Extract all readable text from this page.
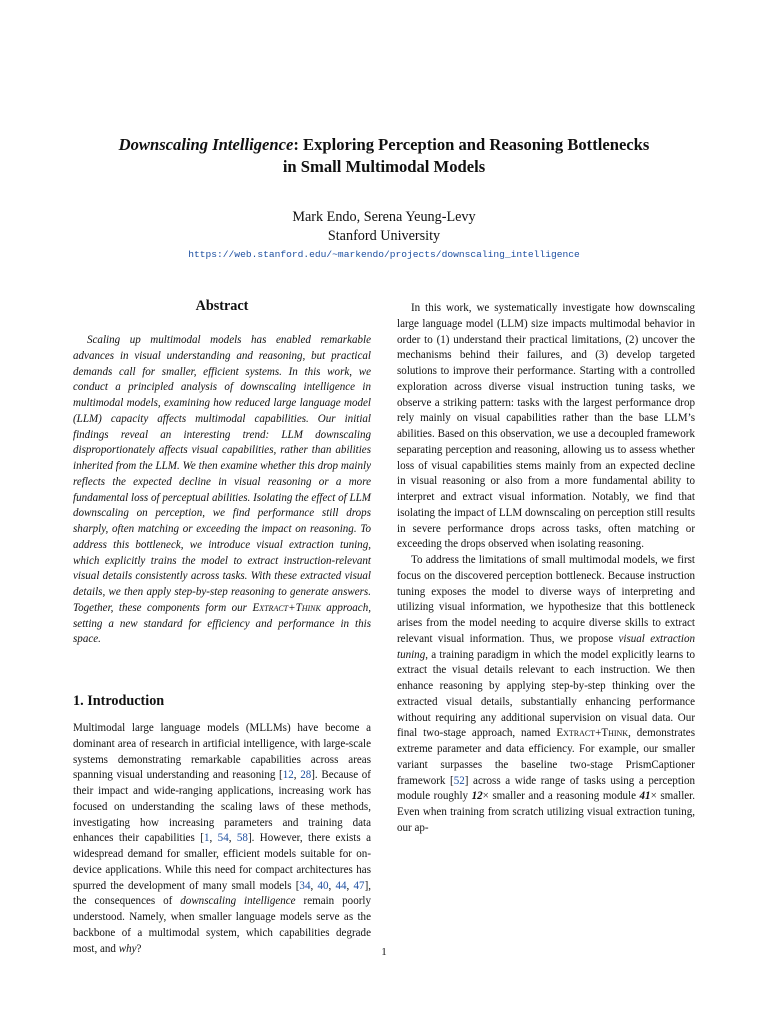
Downscaling Intelligence: Exploring Perception and Reasoning Bottlenecks
in Small Multimodal Models
Mark Endo, Serena Yeung-Levy
Stanford University
https://web.stanford.edu/~markendo/projects/downscaling_intelligence
Abstract

Scaling up multimodal models has enabled remarkable advances in visual understanding and reasoning, but practical demands call for smaller, efficient systems. In this work, we conduct a principled analysis of downscaling intelligence in multimodal models, examining how reduced large language model (LLM) capacity affects multimodal capabilities. Our initial findings reveal an interesting trend: LLM downscaling disproportionately affects visual capabilities, rather than abilities inherited from the LLM. We then examine whether this drop mainly reflects the expected decline in visual reasoning or a more fundamental loss of perceptual abilities. Isolating the effect of LLM downscaling on perception, we find performance still drops sharply, often matching or exceeding the impact on reasoning. To address this bottleneck, we introduce visual extraction tuning, which explicitly trains the model to extract instruction-relevant visual details consistently across tasks. With these extracted visual details, we then apply step-by-step reasoning to generate answers. Together, these components form our Extract+Think approach, setting a new standard for efficiency and performance in this space.

1. Introduction

Multimodal large language models (MLLMs) have become a dominant area of research in artificial intelligence, with large-scale systems demonstrating remarkable capabilities across areas spanning visual understanding and reasoning [12, 28]. Because of their impact and wide-ranging applications, increasing work has focused on understanding the scaling laws of these methods, investigating how increasing parameters and training data enhances their capabilities [1, 54, 58]. However, there exists a widespread demand for smaller, efficient models suitable for on-device applications. While this need for compact architectures has spurred the development of many small models [34, 40, 44, 47], the consequences of downscaling intelligence remain poorly understood. Namely, when smaller language models serve as the backbone of a multimodal system, which capabilities degrade most, and why?

In this work, we systematically investigate how downscaling large language model (LLM) size impacts multimodal behavior in order to (1) understand their practical limitations, (2) uncover the mechanisms behind their failures, and (3) develop targeted solutions to improve their performance. Starting with a controlled exploration across diverse visual instruction tuning tasks, we observe a striking pattern: tasks with the largest performance drop rely mainly on visual capabilities rather than the base LLM’s abilities. Based on this observation, we use a decoupled framework separating perception and reasoning, allowing us to assess whether loss of visual capabilities stems mainly from an expected decline in visual reasoning or also from a more fundamental ability to interpret and extract visual information. Notably, we find that isolating the impact of LLM downscaling on perception still results in severe performance drops across tasks, often matching or exceeding the drops observed when isolating reasoning.

To address the limitations of small multimodal models, we first focus on the discovered perception bottleneck. Because instruction tuning exposes the model to diverse ways of interpreting and utilizing visual information, we hypothesize that this bottleneck arises from the model needing to acquire diverse skills to extract relevant visual information. Thus, we propose visual extraction tuning, a training paradigm in which the model explicitly learns to extract the visual details relevant to each instruction. We then enhance reasoning by applying step-by-step thinking over the extracted visual details, substantially enhancing performance without requiring any additional supervision on visual data. Our final two-stage approach, named Extract+Think, demonstrates extreme parameter and data efficiency. For example, our smaller variant surpasses the baseline two-stage PrismCaptioner framework [52] across a wide range of tasks using a perception module roughly 12× smaller and a reasoning module 41× smaller. Even when training from scratch utilizing visual extraction tuning, our ap-

1
